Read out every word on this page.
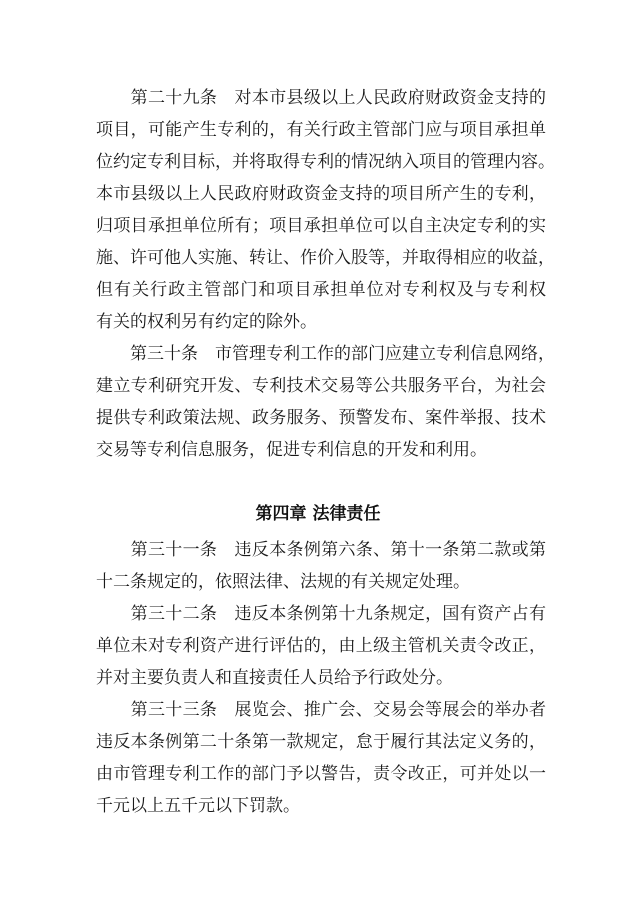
　　第二十九条　对本市县级以上人民政府财政资金支持的
项目，可能产生专利的，有关行政主管部门应与项目承担单
位约定专利目标，并将取得专利的情况纳入项目的管理内容。
本市县级以上人民政府财政资金支持的项目所产生的专利，
归项目承担单位所有；项目承担单位可以自主决定专利的实
施、许可他人实施、转让、作价入股等，并取得相应的收益，
但有关行政主管部门和项目承担单位对专利权及与专利权
有关的权利另有约定的除外。
　　第三十条　市管理专利工作的部门应建立专利信息网络，
建立专利研究开发、专利技术交易等公共服务平台，为社会
提供专利政策法规、政务服务、预警发布、案件举报、技术
交易等专利信息服务，促进专利信息的开发和利用。
第四章 法律责任
　　第三十一条　违反本条例第六条、第十一条第二款或第
十二条规定的，依照法律、法规的有关规定处理。
　　第三十二条　违反本条例第十九条规定，国有资产占有
单位未对专利资产进行评估的，由上级主管机关责令改正，
并对主要负责人和直接责任人员给予行政处分。
　　第三十三条　展览会、推广会、交易会等展会的举办者
违反本条例第二十条第一款规定，怠于履行其法定义务的，
由市管理专利工作的部门予以警告，责令改正，可并处以一
千元以上五千元以下罚款。
